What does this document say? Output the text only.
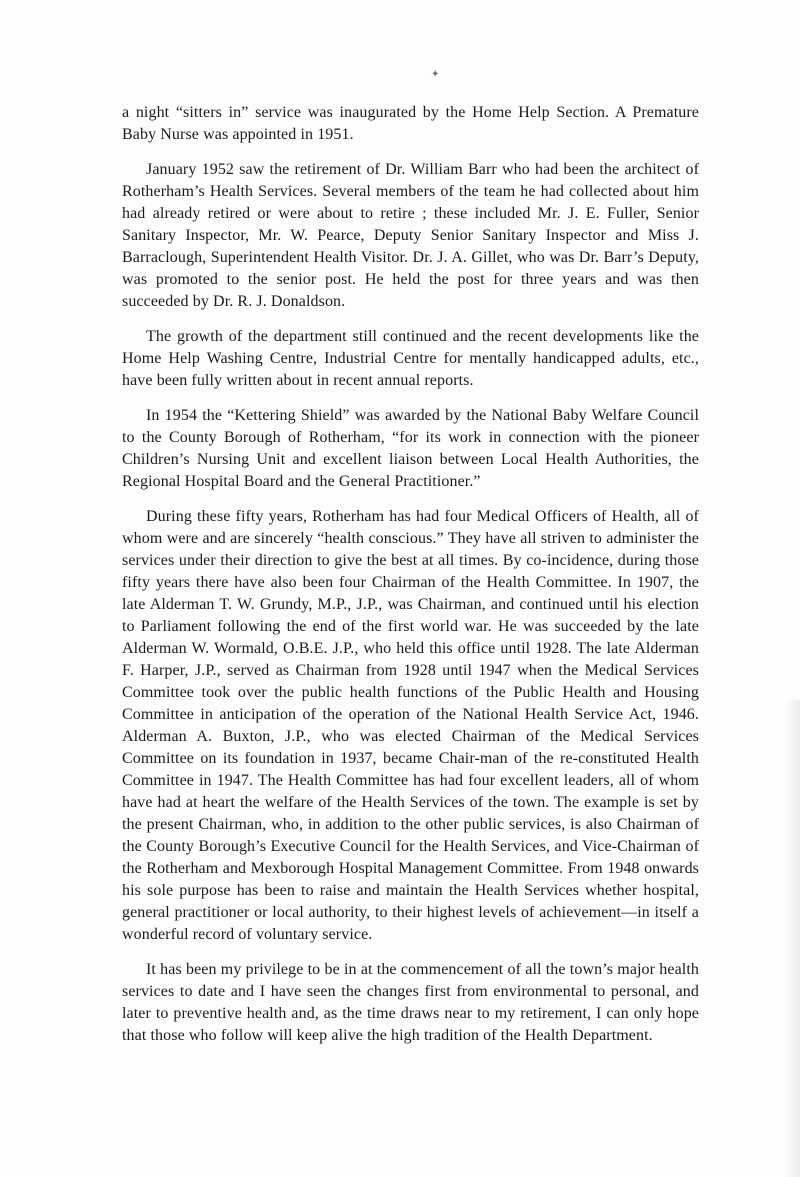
✦

a night “sitters in” service was inaugurated by the Home Help Section. A Premature Baby Nurse was appointed in 1951.

January 1952 saw the retirement of Dr. William Barr who had been the architect of Rotherham’s Health Services. Several members of the team he had collected about him had already retired or were about to retire ; these included Mr. J. E. Fuller, Senior Sanitary Inspector, Mr. W. Pearce, Deputy Senior Sanitary Inspector and Miss J. Barraclough, Superintendent Health Visitor. Dr. J. A. Gillet, who was Dr. Barr’s Deputy, was promoted to the senior post. He held the post for three years and was then succeeded by Dr. R. J. Donaldson.

The growth of the department still continued and the recent developments like the Home Help Washing Centre, Industrial Centre for mentally handicapped adults, etc., have been fully written about in recent annual reports.

In 1954 the “Kettering Shield” was awarded by the National Baby Welfare Council to the County Borough of Rotherham, “for its work in connection with the pioneer Children’s Nursing Unit and excellent liaison between Local Health Authorities, the Regional Hospital Board and the General Practitioner.”

During these fifty years, Rotherham has had four Medical Officers of Health, all of whom were and are sincerely “health conscious.” They have all striven to administer the services under their direction to give the best at all times. By co-incidence, during those fifty years there have also been four Chairman of the Health Committee. In 1907, the late Alderman T. W. Grundy, M.P., J.P., was Chairman, and continued until his election to Parliament following the end of the first world war. He was succeeded by the late Alderman W. Wormald, O.B.E. J.P., who held this office until 1928. The late Alderman F. Harper, J.P., served as Chairman from 1928 until 1947 when the Medical Services Committee took over the public health functions of the Public Health and Housing Committee in anticipation of the operation of the National Health Service Act, 1946. Alderman A. Buxton, J.P., who was elected Chairman of the Medical Services Committee on its foundation in 1937, became Chair-man of the re-constituted Health Committee in 1947. The Health Committee has had four excellent leaders, all of whom have had at heart the welfare of the Health Services of the town. The example is set by the present Chairman, who, in addition to the other public services, is also Chairman of the County Borough’s Executive Council for the Health Services, and Vice-Chairman of the Rotherham and Mexborough Hospital Management Committee. From 1948 onwards his sole purpose has been to raise and maintain the Health Services whether hospital, general practitioner or local authority, to their highest levels of achievement—in itself a wonderful record of voluntary service.

It has been my privilege to be in at the commencement of all the town’s major health services to date and I have seen the changes first from environmental to personal, and later to preventive health and, as the time draws near to my retirement, I can only hope that those who follow will keep alive the high tradition of the Health Department.
